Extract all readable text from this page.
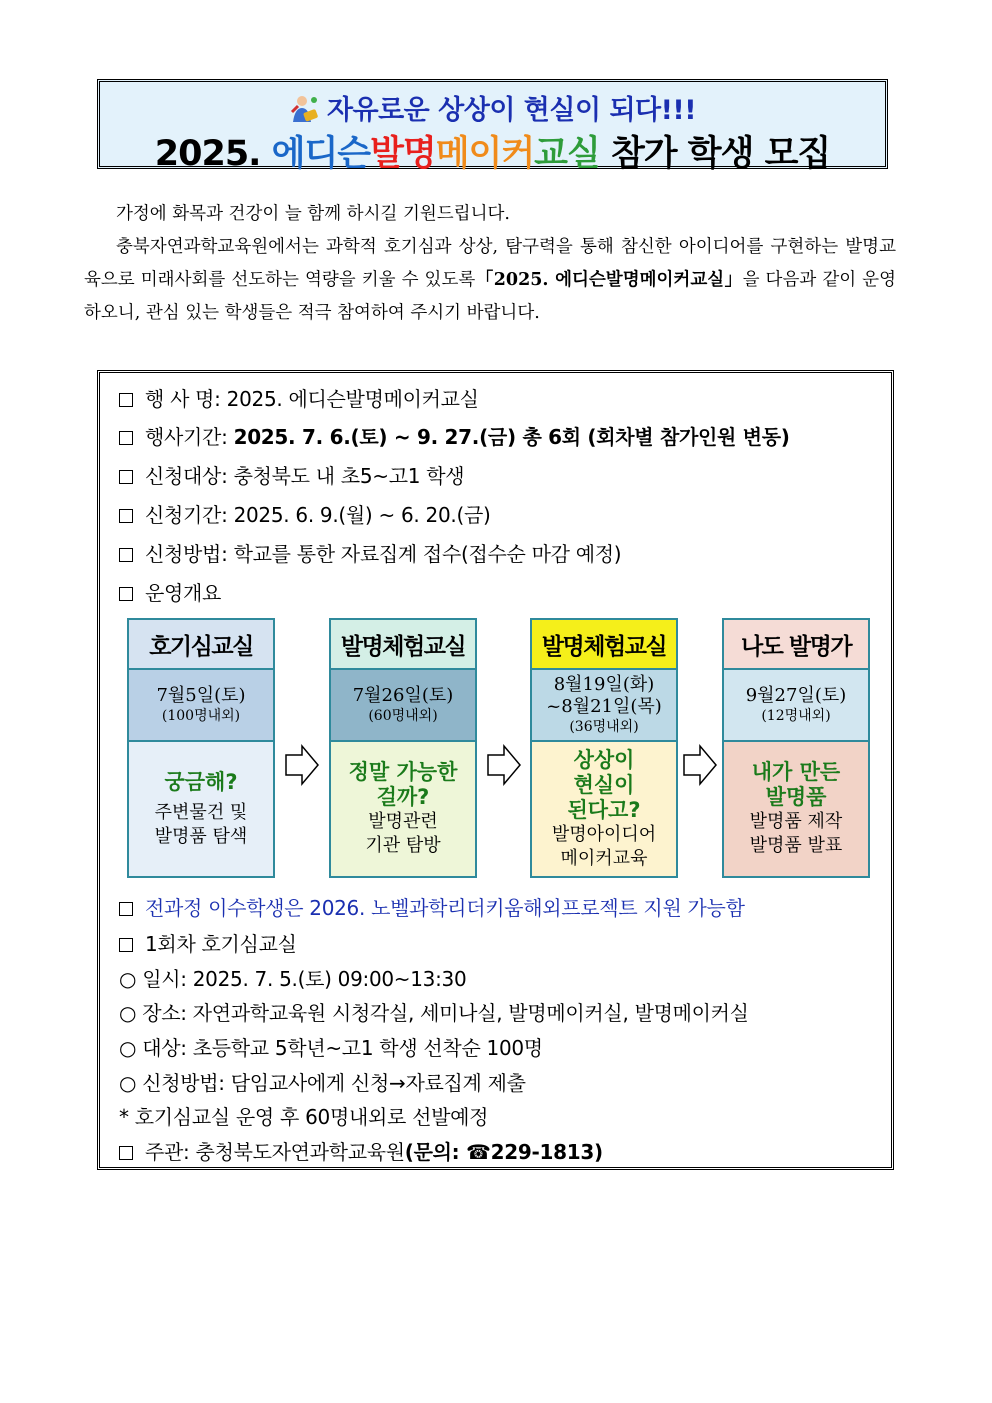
자유로운 상상이 현실이 되다!!!
2025. 에디슨발명메이커교실 참가 학생 모집

가정에 화목과 건강이 늘 함께 하시길 기원드립니다.

충북자연과학교육원에서는 과학적 호기심과 상상, 탐구력을 통해 참신한 아이디어를 구현하는 발명교육으로 미래사회를 선도하는 역량을 키울 수 있도록「2025. 에디슨발명메이커교실」을 다음과 같이 운영하오니, 관심 있는 학생들은 적극 참여하여 주시기 바랍니다.

행 사 명: 2025. 에디슨발명메이커교실
행사기간: 2025. 7. 6.(토) ~ 9. 27.(금) 총 6회 (회차별 참가인원 변동)
신청대상: 충청북도 내 초5~고1 학생
신청기간: 2025. 6. 9.(월) ~ 6. 20.(금)
신청방법: 학교를 통한 자료집계 접수(접수순 마감 예정)
운영개요
호기심교실
7월5일(토)
(100명내외)
궁금해?
주변물건 및
발명품 탐색
발명체험교실
7월26일(토)
(60명내외)
정말 가능한
걸까?
발명관련
기관 탐방
발명체험교실
8월19일(화)
~8월21일(목)
(36명내외)
상상이
현실이
된다고?
발명아이디어
메이커교육
나도 발명가
9월27일(토)
(12명내외)
내가 만든
발명품
발명품 제작
발명품 발표
전과정 이수학생은 2026. 노벨과학리더키움해외프로젝트 지원 가능함
1회차 호기심교실
○ 일시: 2025. 7. 5.(토) 09:00~13:30
○ 장소: 자연과학교육원 시청각실, 세미나실, 발명메이커실, 발명메이커실
○ 대상: 초등학교 5학년~고1 학생 선착순 100명
○ 신청방법: 담임교사에게 신청→자료집계 제출
* 호기심교실 운영 후 60명내외로 선발예정
주관: 충청북도자연과학교육원(문의: ☎229-1813)
